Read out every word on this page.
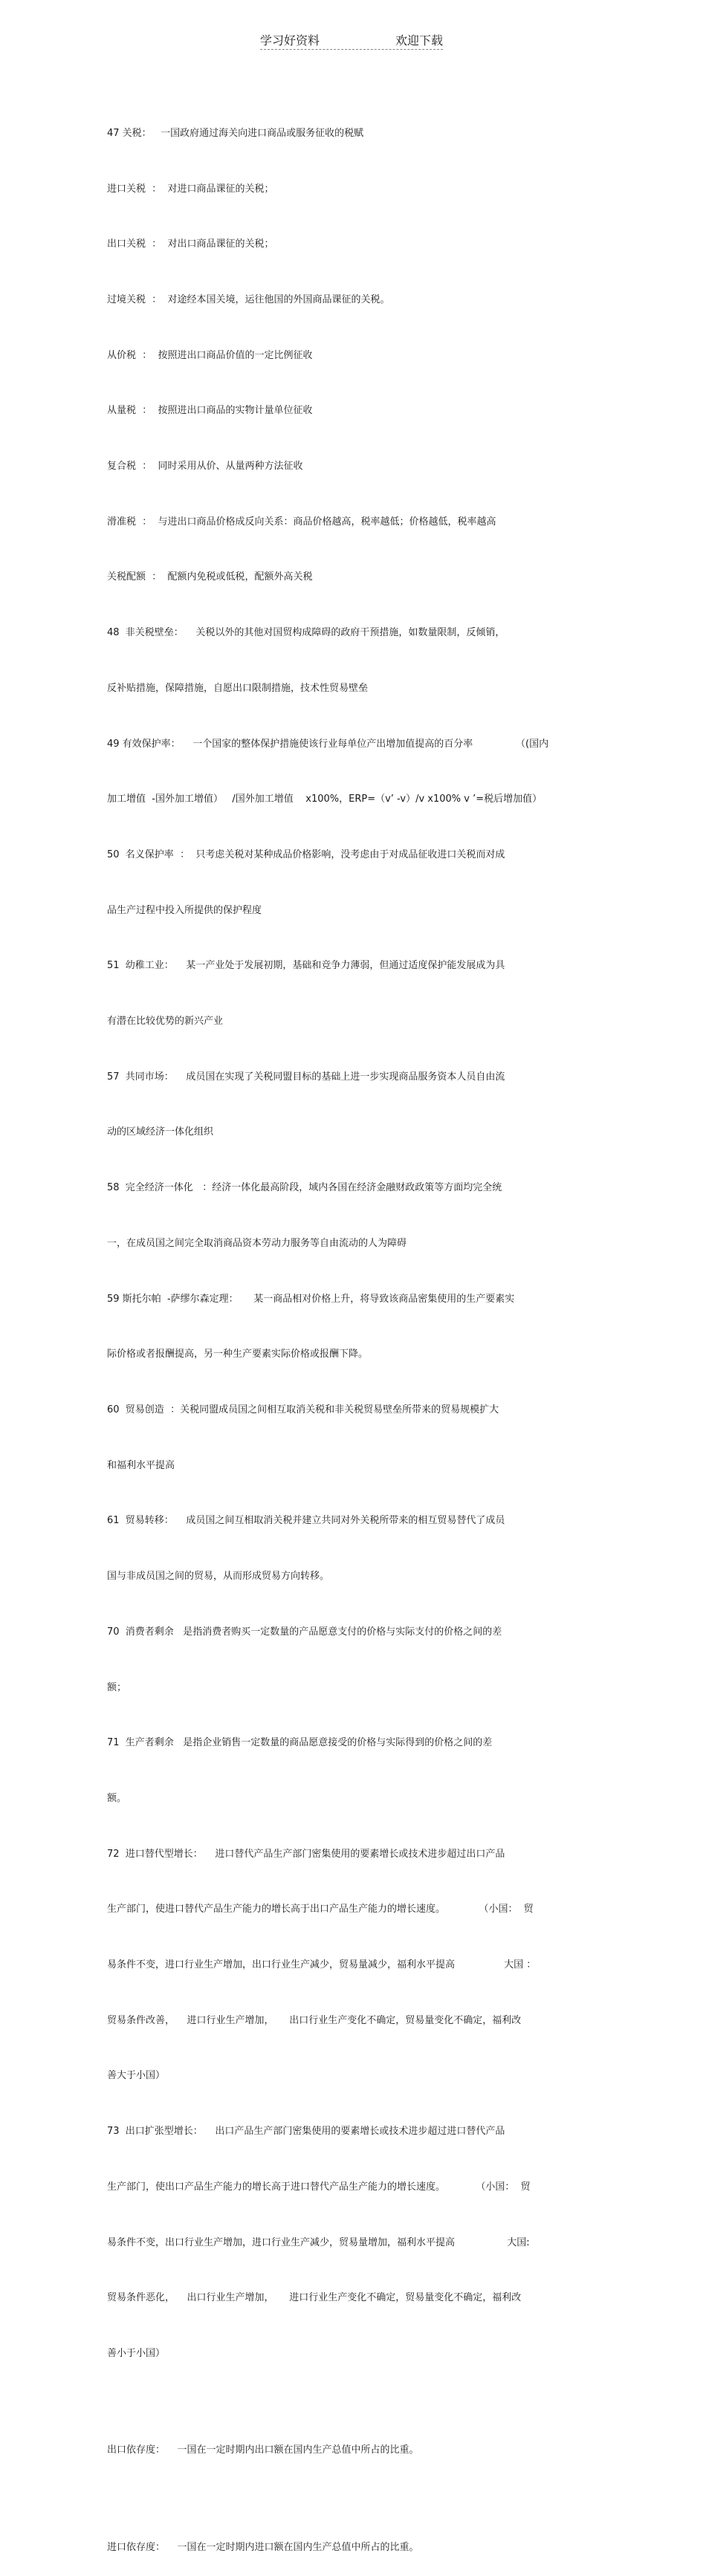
学习好资料	欢迎下载

47 关税：   一国政府通过海关向进口商品或服务征收的税赋

进口关税  ：  对进口商品课征的关税；

出口关税  ：  对出口商品课征的关税；

过境关税  ：  对途经本国关境，运往他国的外国商品课征的关税。

从价税  ：  按照进出口商品价值的一定比例征收

从量税  ：  按照进出口商品的实物计量单位征收

复合税  ：  同时采用从价、从量两种方法征收

滑准税  ：  与进出口商品价格成反向关系：商品价格越高，税率越低；价格越低，税率越高

关税配额  ：  配额内免税或低税，配额外高关税

48  非关税壁垒：    关税以外的其他对国贸构成障碍的政府干预措施，如数量限制，反倾销，

反补贴措施，保障措施，自愿出口限制措施，技术性贸易壁垒

49 有效保护率：    一个国家的整体保护措施使该行业每单位产出增加值提高的百分率              （(国内

加工增值  -国外加工增值）   /国外加工增值    x100%，ERP=（v’ -v）/v x100% v ’=税后增加值）

50  名义保护率  ：  只考虑关税对某种成品价格影响，没考虑由于对成品征收进口关税而对成

品生产过程中投入所提供的保护程度

51  幼稚工业：    某一产业处于发展初期，基础和竞争力薄弱，但通过适度保护能发展成为具

有潜在比较优势的新兴产业

57  共同市场：    成员国在实现了关税同盟目标的基础上进一步实现商品服务资本人员自由流

动的区域经济一体化组织

58  完全经济一体化   ：经济一体化最高阶段，域内各国在经济金融财政政策等方面均完全统

一，在成员国之间完全取消商品资本劳动力服务等自由流动的人为障碍

59 斯托尔帕  -萨缪尔森定理：     某一商品相对价格上升，将导致该商品密集使用的生产要素实

际价格或者报酬提高，另一种生产要素实际价格或报酬下降。

60  贸易创造  ：关税同盟成员国之间相互取消关税和非关税贸易壁垒所带来的贸易规模扩大

和福利水平提高

61  贸易转移：    成员国之间互相取消关税并建立共同对外关税所带来的相互贸易替代了成员

国与非成员国之间的贸易，从而形成贸易方向转移。

70  消费者剩余   是指消费者购买一定数量的产品愿意支付的价格与实际支付的价格之间的差

额；

71  生产者剩余   是指企业销售一定数量的商品愿意接受的价格与实际得到的价格之间的差

额。

72  进口替代型增长：    进口替代产品生产部门密集使用的要素增长或技术进步超过出口产品

生产部门，使进口替代产品生产能力的增长高于出口产品生产能力的增长速度。           （小国：  贸

易条件不变，进口行业生产增加，出口行业生产减少，贸易量减少，福利水平提高                大国 ：

贸易条件改善，    进口行业生产增加，     出口行业生产变化不确定，贸易量变化不确定，福利改

善大于小国）

73  出口扩张型增长：    出口产品生产部门密集使用的要素增长或技术进步超过进口替代产品

生产部门，使出口产品生产能力的增长高于进口替代产品生产能力的增长速度。          （小国：  贸

易条件不变，出口行业生产增加，进口行业生产减少，贸易量增加，福利水平提高                 大国:

贸易条件恶化，    出口行业生产增加，     进口行业生产变化不确定，贸易量变化不确定，福利改

善小于小国）

出口依存度：    一国在一定时期内出口额在国内生产总值中所占的比重。

进口依存度：    一国在一定时期内进口额在国内生产总值中所占的比重。
